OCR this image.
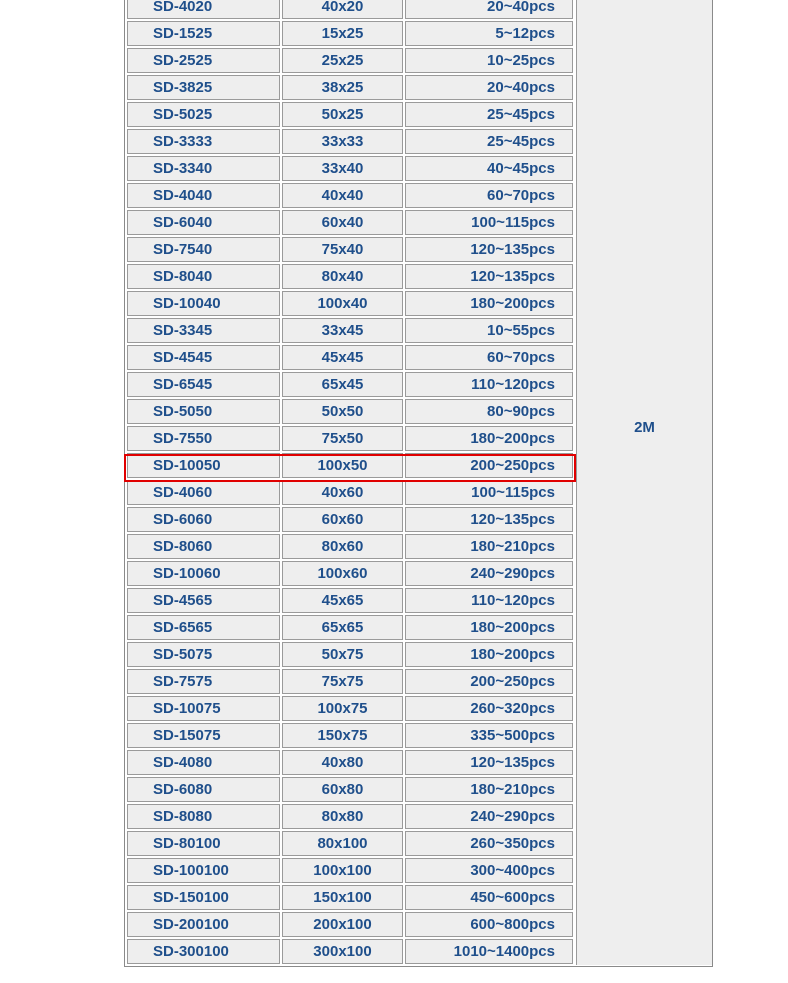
SD-4020	40x20	20~40pcs
SD-1525	15x25	5~12pcs
SD-2525	25x25	10~25pcs
SD-3825	38x25	20~40pcs
SD-5025	50x25	25~45pcs
SD-3333	33x33	25~45pcs
SD-3340	33x40	40~45pcs
SD-4040	40x40	60~70pcs
SD-6040	60x40	100~115pcs
SD-7540	75x40	120~135pcs
SD-8040	80x40	120~135pcs
SD-10040	100x40	180~200pcs
SD-3345	33x45	10~55pcs
SD-4545	45x45	60~70pcs
SD-6545	65x45	110~120pcs
SD-5050	50x50	80~90pcs
SD-7550	75x50	180~200pcs
SD-10050	100x50	200~250pcs
SD-4060	40x60	100~115pcs
SD-6060	60x60	120~135pcs
SD-8060	80x60	180~210pcs
SD-10060	100x60	240~290pcs
SD-4565	45x65	110~120pcs
SD-6565	65x65	180~200pcs
SD-5075	50x75	180~200pcs
SD-7575	75x75	200~250pcs
SD-10075	100x75	260~320pcs
SD-15075	150x75	335~500pcs
SD-4080	40x80	120~135pcs
SD-6080	60x80	180~210pcs
SD-8080	80x80	240~290pcs
SD-80100	80x100	260~350pcs
SD-100100	100x100	300~400pcs
SD-150100	150x100	450~600pcs
SD-200100	200x100	600~800pcs
SD-300100	300x100	1010~1400pcs
2M
